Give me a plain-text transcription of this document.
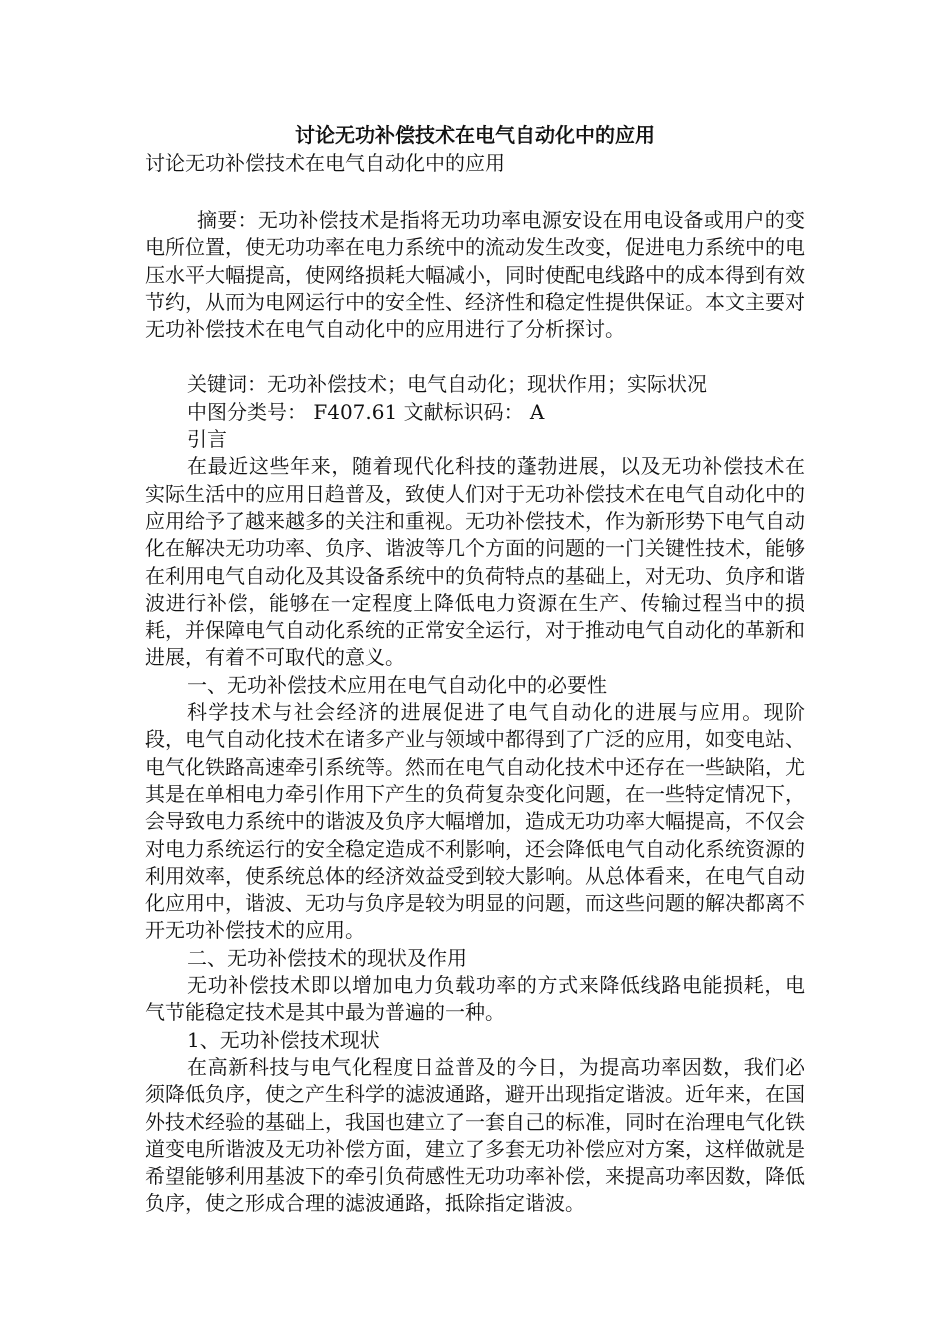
讨论无功补偿技术在电气自动化中的应用

讨论无功补偿技术在电气自动化中的应用

摘要：无功补偿技术是指将无功功率电源安设在用电设备或用户的变电所位置，使无功功率在电力系统中的流动发生改变，促进电力系统中的电压水平大幅提高，使网络损耗大幅减小，同时使配电线路中的成本得到有效节约，从而为电网运行中的安全性、经济性和稳定性提供保证。本文主要对无功补偿技术在电气自动化中的应用进行了分析探讨。

关键词：无功补偿技术；电气自动化；现状作用；实际状况

中图分类号： F407.61 文献标识码： A

引言

在最近这些年来，随着现代化科技的蓬勃进展，以及无功补偿技术在实际生活中的应用日趋普及，致使人们对于无功补偿技术在电气自动化中的应用给予了越来越多的关注和重视。无功补偿技术，作为新形势下电气自动化在解决无功功率、负序、谐波等几个方面的问题的一门关键性技术，能够在利用电气自动化及其设备系统中的负荷特点的基础上，对无功、负序和谐波进行补偿，能够在一定程度上降低电力资源在生产、传输过程当中的损耗，并保障电气自动化系统的正常安全运行，对于推动电气自动化的革新和进展，有着不可取代的意义。

一、无功补偿技术应用在电气自动化中的必要性

科学技术与社会经济的进展促进了电气自动化的进展与应用。现阶段，电气自动化技术在诸多产业与领域中都得到了广泛的应用，如变电站、电气化铁路高速牵引系统等。然而在电气自动化技术中还存在一些缺陷，尤其是在单相电力牵引作用下产生的负荷复杂变化问题，在一些特定情况下，会导致电力系统中的谐波及负序大幅增加，造成无功功率大幅提高，不仅会对电力系统运行的安全稳定造成不利影响，还会降低电气自动化系统资源的利用效率，使系统总体的经济效益受到较大影响。从总体看来，在电气自动化应用中，谐波、无功与负序是较为明显的问题，而这些问题的解决都离不开无功补偿技术的应用。

二、无功补偿技术的现状及作用

无功补偿技术即以增加电力负载功率的方式来降低线路电能损耗，电气节能稳定技术是其中最为普遍的一种。

1、无功补偿技术现状

在高新科技与电气化程度日益普及的今日，为提高功率因数，我们必须降低负序，使之产生科学的滤波通路，避开出现指定谐波。近年来，在国外技术经验的基础上，我国也建立了一套自己的标准，同时在治理电气化铁道变电所谐波及无功补偿方面，建立了多套无功补偿应对方案，这样做就是希望能够利用基波下的牵引负荷感性无功功率补偿，来提高功率因数，降低负序，使之形成合理的滤波通路，抵除指定谐波。
